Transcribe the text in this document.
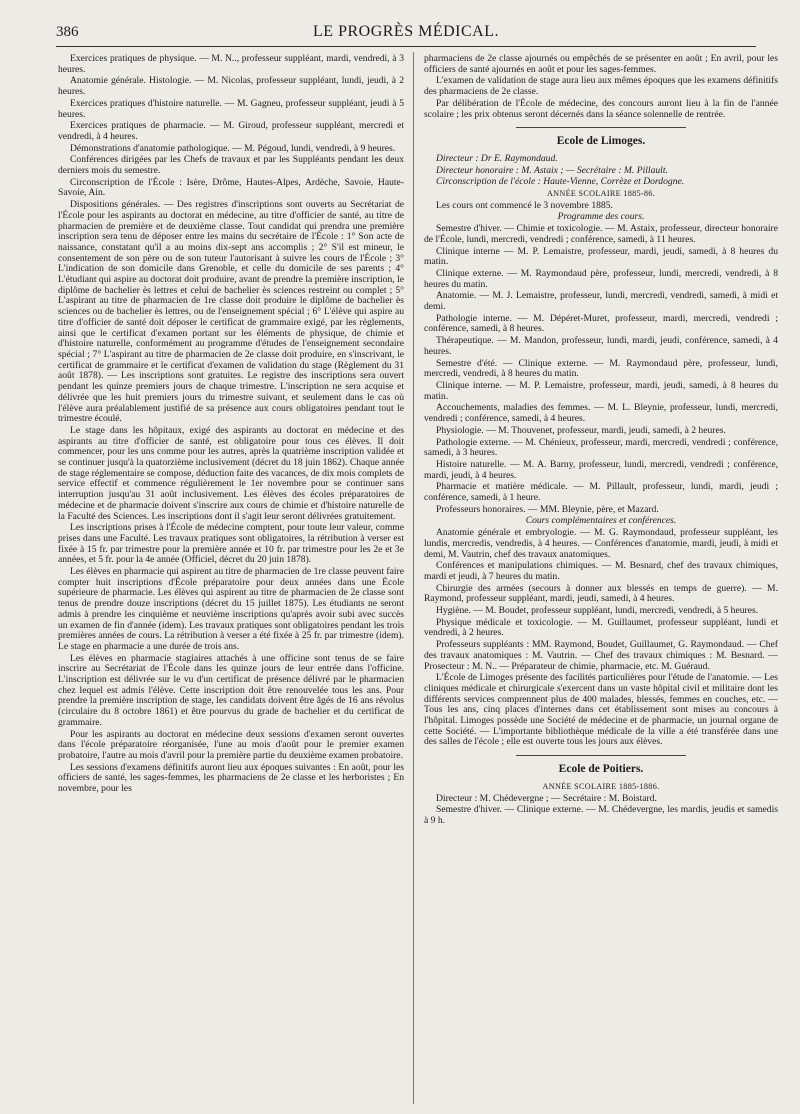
386	LE PROGRÈS MÉDICAL.

Exercices pratiques de physique. — M. N.., professeur suppléant, mardi, vendredi, à 3 heures.

Anatomie générale. Histologie. — M. Nicolas, professeur suppléant, lundi, jeudi, à 2 heures.

Exercices pratiques d'histoire naturelle. — M. Gagneu, professeur suppléant, jeudi à 5 heures.

Exercices pratiques de pharmacie. — M. Giroud, professeur suppléant, mercredi et vendredi, à 4 heures.

Démonstrations d'anatomie pathologique. — M. Pégoud, lundi, vendredi, à 9 heures.

Conférences dirigées par les Chefs de travaux et par les Suppléants pendant les deux derniers mois du semestre.

Circonscription de l'École : Isère, Drôme, Hautes-Alpes, Ardèche, Savoie, Haute-Savoie, Ain.

Dispositions générales. — Des registres d'inscriptions sont ouverts au Secrétariat de l'École pour les aspirants au doctorat en médecine, au titre d'officier de santé, au titre de pharmacien de première et de deuxième classe. Tout candidat qui prendra une première inscription sera tenu de déposer entre les mains du secrétaire de l'École : 1° Son acte de naissance, constatant qu'il a au moins dix-sept ans accomplis ; 2° S'il est mineur, le consentement de son père ou de son tuteur l'autorisant à suivre les cours de l'École ; 3° L'indication de son domicile dans Grenoble, et celle du domicile de ses parents ; 4° L'étudiant qui aspire au doctorat doit produire, avant de prendre la première inscription, le diplôme de bachelier ès lettres et celui de bachelier ès sciences restreint ou complet ; 5° L'aspirant au titre de pharmacien de 1re classe doit produire le diplôme de bachelier ès sciences ou de bachelier ès lettres, ou de l'enseignement spécial ; 6° L'élève qui aspire au titre d'officier de santé doit déposer le certificat de grammaire exigé, par les règlements, ainsi que le certificat d'examen portant sur les éléments de physique, de chimie et d'histoire naturelle, conformément au programme d'études de l'enseignement secondaire spécial ; 7° L'aspirant au titre de pharmacien de 2e classe doit produire, en s'inscrivant, le certificat de grammaire et le certificat d'examen de validation du stage (Règlement du 31 août 1878). — Les inscriptions sont gratuites. Le registre des inscriptions sera ouvert pendant les quinze premiers jours de chaque trimestre. L'inscription ne sera acquise et délivrée que les huit premiers jours du trimestre suivant, et seulement dans le cas où l'élève aura préalablement justifié de sa présence aux cours obligatoires pendant tout le trimestre écoulé.

Le stage dans les hôpitaux, exigé des aspirants au doctorat en médecine et des aspirants au titre d'officier de santé, est obligatoire pour tous ces élèves. Il doit commencer, pour les uns comme pour les autres, après la quatrième inscription validée et se continuer jusqu'à la quatorzième inclusivement (décret du 18 juin 1862). Chaque année de stage réglementaire se compose, déduction faite des vacances, de dix mois complets de service effectif et commence régulièrement le 1er novembre pour se continuer sans interruption jusqu'au 31 août inclusivement. Les élèves des écoles préparatoires de médecine et de pharmacie doivent s'inscrire aux cours de chimie et d'histoire naturelle de la Faculté des Sciences. Les inscriptions dont il s'agit leur seront délivrées gratuitement.

Les inscriptions prises à l'École de médecine comptent, pour toute leur valeur, comme prises dans une Faculté. Les travaux pratiques sont obligatoires, la rétribution à verser est fixée à 15 fr. par trimestre pour la première année et 10 fr. par trimestre pour les 2e et 3e années, et 5 fr. pour la 4e année (Officiel, décret du 20 juin 1878).

Les élèves en pharmacie qui aspirent au titre de pharmacien de 1re classe peuvent faire compter huit inscriptions d'École préparatoire pour deux années dans une École supérieure de pharmacie. Les élèves qui aspirent au titre de pharmacien de 2e classe sont tenus de prendre douze inscriptions (décret du 15 juillet 1875). Les étudiants ne seront admis à prendre les cinquième et neuvième inscriptions qu'après avoir subi avec succès un examen de fin d'année (idem). Les travaux pratiques sont obligatoires pendant les trois premières années de cours. La rétribution à verser a été fixée à 25 fr. par trimestre (idem). Le stage en pharmacie a une durée de trois ans.

Les élèves en pharmacie stagiaires attachés à une officine sont tenus de se faire inscrire au Secrétariat de l'École dans les quinze jours de leur entrée dans l'officine. L'inscription est délivrée sur le vu d'un certificat de présence délivré par le pharmacien chez lequel est admis l'élève. Cette inscription doit être renouvelée tous les ans. Pour prendre la première inscription de stage, les candidats doivent être âgés de 16 ans révolus (circulaire du 8 octobre 1861) et être pourvus du grade de bachelier et du certificat de grammaire.

Pour les aspirants au doctorat en médecine deux sessions d'examen seront ouvertes dans l'école préparatoire réorganisée, l'une au mois d'août pour le premier examen probatoire, l'autre au mois d'avril pour la première partie du deuxième examen probatoire.

Les sessions d'examens définitifs auront lieu aux époques suivantes : En août, pour les officiers de santé, les sages-femmes, les pharmaciens de 2e classe et les herboristes ; En novembre, pour les

pharmaciens de 2e classe ajournés ou empêchés de se présenter en août ; En avril, pour les officiers de santé ajournés en août et pour les sages-femmes.

L'examen de validation de stage aura lieu aux mêmes époques que les examens définitifs des pharmaciens de 2e classe.

Par délibération de l'École de médecine, des concours auront lieu à la fin de l'année scolaire ; les prix obtenus seront décernés dans la séance solennelle de rentrée.

Ecole de Limoges.

Directeur : Dr E. Raymondaud.

Directeur honoraire : M. Astaix ; — Secrétaire : M. Pillault.

Circonscription de l'école : Haute-Vienne, Corrèze et Dordogne.

ANNÉE SCOLAIRE 1885-86.

Les cours ont commencé le 3 novembre 1885.

Programme des cours.

Semestre d'hiver. — Chimie et toxicologie. — M. Astaix, professeur, directeur honoraire de l'École, lundi, mercredi, vendredi ; conférence, samedi, à 11 heures.

Clinique interne — M. P. Lemaistre, professeur, mardi, jeudi, samedi, à 8 heures du matin.

Clinique externe. — M. Raymondaud père, professeur, lundi, mercredi, vendredi, à 8 heures du matin.

Anatomie. — M. J. Lemaistre, professeur, lundi, mercredi, vendredi, samedi, à midi et demi.

Pathologie interne. — M. Dépéret-Muret, professeur, mardi, mercredi, vendredi ; conférence, samedi, à 8 heures.

Thérapeutique. — M. Mandon, professeur, lundi, mardi, jeudi, conférence, samedi, à 4 heures.

Semestre d'été. — Clinique externe. — M. Raymondaud père, professeur, lundi, mercredi, vendredi, à 8 heures du matin.

Clinique interne. — M. P. Lemaistre, professeur, mardi, jeudi, samedi, à 8 heures du matin.

Accouchements, maladies des femmes. — M. L. Bleynie, professeur, lundi, mercredi, vendredi ; conférence, samedi, à 4 heures.

Physiologie. — M. Thouvenet, professeur, mardi, jeudi, samedi, à 2 heures.

Pathologie externe. — M. Chénieux, professeur, mardi, mercredi, vendredi ; conférence, samedi, à 3 heures.

Histoire naturelle. — M. A. Barny, professeur, lundi, mercredi, vendredi ; conférence, mardi, jeudi, à 4 heures.

Pharmacie et matière médicale. — M. Pillault, professeur, lundi, mardi, jeudi ; conférence, samedi, à 1 heure.

Professeurs honoraires. — MM. Bleynie, père, et Mazard.

Cours complémentaires et conférences.

Anatomie générale et embryologie. — M. G. Raymondaud, professeur suppléant, les lundis, mercredis, vendredis, à 4 heures. — Conférences d'anatomie, mardi, jeudi, à midi et demi, M. Vautrin, chef des travaux anatomiques.

Conférences et manipulations chimiques. — M. Besnard, chef des travaux chimiques, mardi et jeudi, à 7 heures du matin.

Chirurgie des armées (secours à donner aux blessés en temps de guerre). — M. Raymond, professeur suppléant, mardi, jeudi, samedi, à 4 heures.

Hygiène. — M. Boudet, professeur suppléant, lundi, mercredi, vendredi, à 5 heures.

Physique médicale et toxicologie. — M. Guillaumet, professeur suppléant, lundi et vendredi, à 2 heures.

Professeurs suppléants : MM. Raymond, Boudet, Guillaumet, G. Raymondaud. — Chef des travaux anatomiques : M. Vautrin. — Chef des travaux chimiques : M. Besnard. — Prosecteur : M. N.. — Préparateur de chimie, pharmacie, etc. M. Guéraud.

L'École de Limoges présente des facilités particulières pour l'étude de l'anatomie. — Les cliniques médicale et chirurgicale s'exercent dans un vaste hôpital civil et militaire dont les différents services comprennent plus de 400 malades, blessés, femmes en couches, etc. — Tous les ans, cinq places d'internes dans cet établissement sont mises au concours à l'hôpital. Limoges possède une Société de médecine et de pharmacie, un journal organe de cette Société. — L'importante bibliothèque médicale de la ville a été transférée dans une des salles de l'école ; elle est ouverte tous les jours aux élèves.

Ecole de Poitiers.

ANNÉE SCOLAIRE 1885-1886.

Directeur : M. Chédevergne ; — Secrétaire : M. Boistard.

Semestre d'hiver. — Clinique externe. — M. Chédevergne, les mardis, jeudis et samedis à 9 h.
